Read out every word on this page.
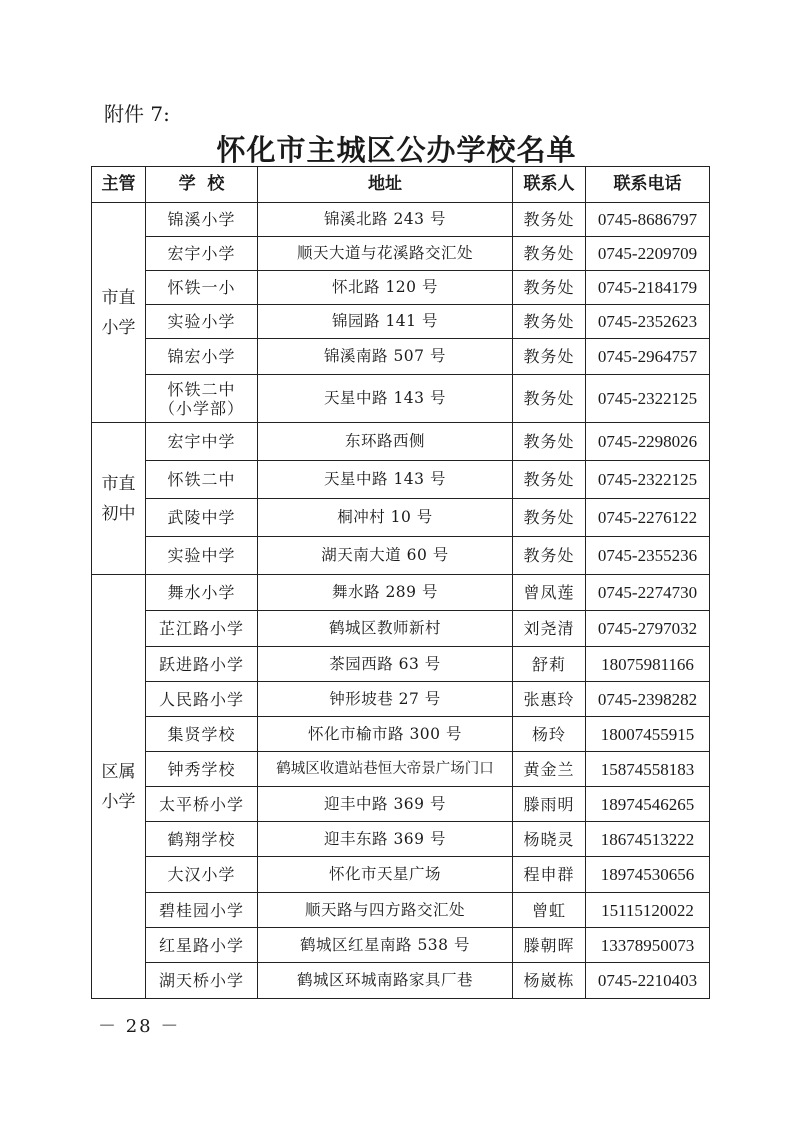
附件 7:
怀化市主城区公办学校名单
主管	学  校	地址	联系人	联系电话

市直
小学	锦溪小学	锦溪北路 243 号	教务处	0745-8686797
	宏宇小学	顺天大道与花溪路交汇处	教务处	0745-2209709
	怀铁一小	怀北路 120 号	教务处	0745-2184179
	实验小学	锦园路 141 号	教务处	0745-2352623
	锦宏小学	锦溪南路 507 号	教务处	0745-2964757

	怀铁二中
（小学部）	天星中路 143 号	教务处	0745-2322125

市直
初中	宏宇中学	东环路西侧	教务处	0745-2298026
	怀铁二中	天星中路 143 号	教务处	0745-2322125
	武陵中学	桐冲村 10 号	教务处	0745-2276122
	实验中学	湖天南大道 60 号	教务处	0745-2355236

区属
小学	舞水小学	舞水路 289 号	曾凤莲	0745-2274730
	芷江路小学	鹤城区教师新村	刘尧清	0745-2797032
	跃进路小学	茶园西路 63 号	舒莉	18075981166
	人民路小学	钟形坡巷 27 号	张惠玲	0745-2398282
	集贤学校	怀化市榆市路 300 号	杨玲	18007455915
	钟秀学校	鹤城区收遣站巷恒大帝景广场门口	黄金兰	15874558183
	太平桥小学	迎丰中路 369 号	滕雨明	18974546265
	鹤翔学校	迎丰东路 369 号	杨晓灵	18674513222
	大汉小学	怀化市天星广场	程申群	18974530656
	碧桂园小学	顺天路与四方路交汇处	曾虹	15115120022
	红星路小学	鹤城区红星南路 538 号	滕朝晖	13378950073
	湖天桥小学	鹤城区环城南路家具厂巷	杨崴栋	0745-2210403
－ 28 －
